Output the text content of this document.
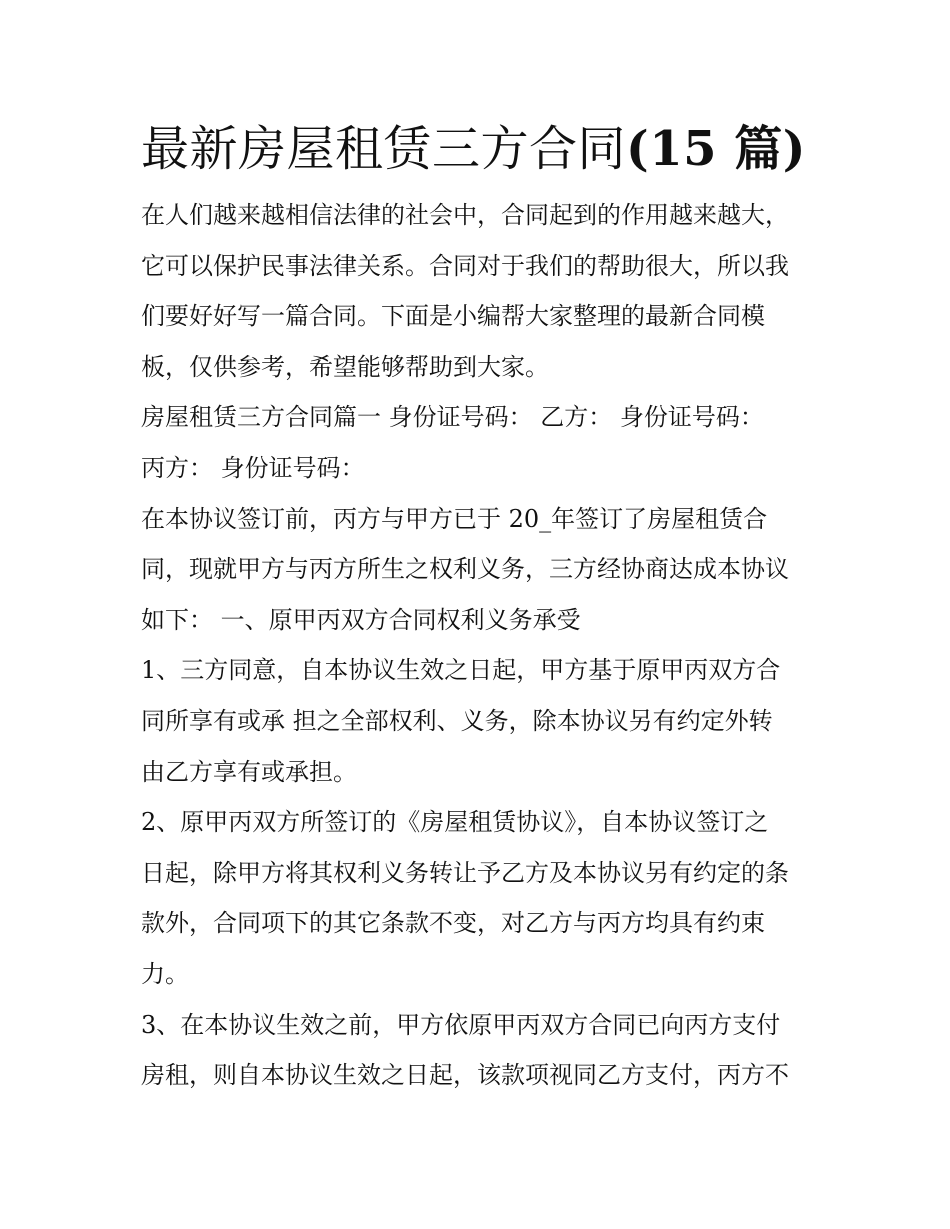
最新房屋租赁三方合同(15 篇)

在人们越来越相信法律的社会中，合同起到的作用越来越大，
它可以保护民事法律关系。合同对于我们的帮助很大，所以我
们要好好写一篇合同。下面是小编帮大家整理的最新合同模
板，仅供参考，希望能够帮助到大家。

房屋租赁三方合同篇一 身份证号码： 乙方： 身份证号码：
丙方： 身份证号码：

在本协议签订前，丙方与甲方已于 20_年签订了房屋租赁合
同，现就甲方与丙方所生之权利义务，三方经协商达成本协议
如下： 一、原甲丙双方合同权利义务承受

1、三方同意，自本协议生效之日起，甲方基于原甲丙双方合
同所享有或承 担之全部权利、义务，除本协议另有约定外转
由乙方享有或承担。

2、原甲丙双方所签订的《房屋租赁协议》，自本协议签订之
日起，除甲方将其权利义务转让予乙方及本协议另有约定的条
款外，合同项下的其它条款不变，对乙方与丙方均具有约束
力。

3、在本协议生效之前，甲方依原甲丙双方合同已向丙方支付
房租，则自本协议生效之日起，该款项视同乙方支付，丙方不
